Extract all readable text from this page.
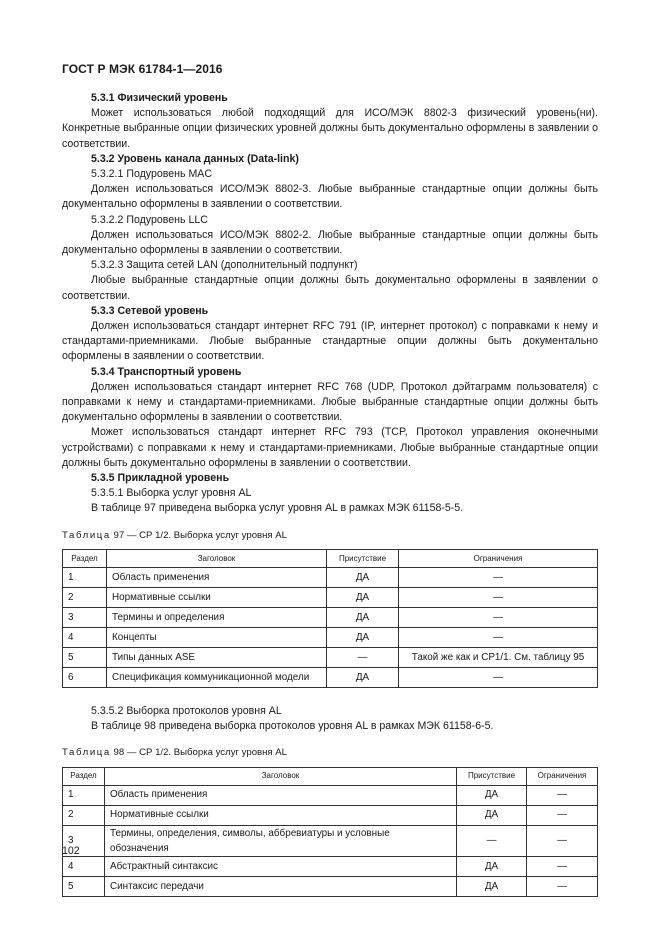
ГОСТ Р МЭК 61784-1—2016

5.3.1 Физический уровень

Может использоваться любой подходящий для ИСО/МЭК 8802-3 физический уровень(ни). Конкретные выбранные опции физических уровней должны быть документально оформлены в заявлении о соответствии.

5.3.2 Уровень канала данных (Data-link)

5.3.2.1 Подуровень MAC

Должен использоваться ИСО/МЭК 8802-3. Любые выбранные стандартные опции должны быть документально оформлены в заявлении о соответствии.

5.3.2.2 Подуровень LLC

Должен использоваться ИСО/МЭК 8802-2. Любые выбранные стандартные опции должны быть документально оформлены в заявлении о соответствии.

5.3.2.3 Защита сетей LAN (дополнительный подпункт)

Любые выбранные стандартные опции должны быть документально оформлены в заявлении о соответствии.

5.3.3 Сетевой уровень

Должен использоваться стандарт интернет RFC 791 (IP, интернет протокол) с поправками к нему и стандартами-приемниками. Любые выбранные стандартные опции должны быть документально оформлены в заявлении о соответствии.

5.3.4 Транспортный уровень

Должен использоваться стандарт интернет RFC 768 (UDP, Протокол дэйтаграмм пользователя) с поправками к нему и стандартами-приемниками. Любые выбранные стандартные опции должны быть документально оформлены в заявлении о соответствии.

Может использоваться стандарт интернет RFC 793 (TCP, Протокол управления оконечными устройствами) с поправками к нему и стандартами-приемниками. Любые выбранные стандартные опции должны быть документально оформлены в заявлении о соответствии.

5.3.5 Прикладной уровень

5.3.5.1 Выборка услуг уровня AL

В таблице 97 приведена выборка услуг уровня AL в рамках МЭК 61158-5-5.

Таблица 97 — СР 1/2. Выборка услуг уровня AL
Раздел	Заголовок	Присутствие	Ограничения
1	Область применения	ДА	—
2	Нормативные ссылки	ДА	—
3	Термины и определения	ДА	—
4	Концепты	ДА	—
5	Типы данных ASE	—	Такой же как и СР1/1. См. таблицу 95
6	Спецификация коммуникационной модели	ДА	—

5.3.5.2 Выборка протоколов уровня AL

В таблице 98 приведена выборка протоколов уровня AL в рамках МЭК 61158-6-5.

Таблица 98 — СР 1/2. Выборка услуг уровня AL
Раздел	Заголовок	Присутствие	Ограничения
1	Область применения	ДА	—
2	Нормативные ссылки	ДА	—
3	Термины, определения, символы, аббревиатуры и условные обозначения	—	—
4	Абстрактный синтаксис	ДА	—
5	Синтаксис передачи	ДА	—
102
